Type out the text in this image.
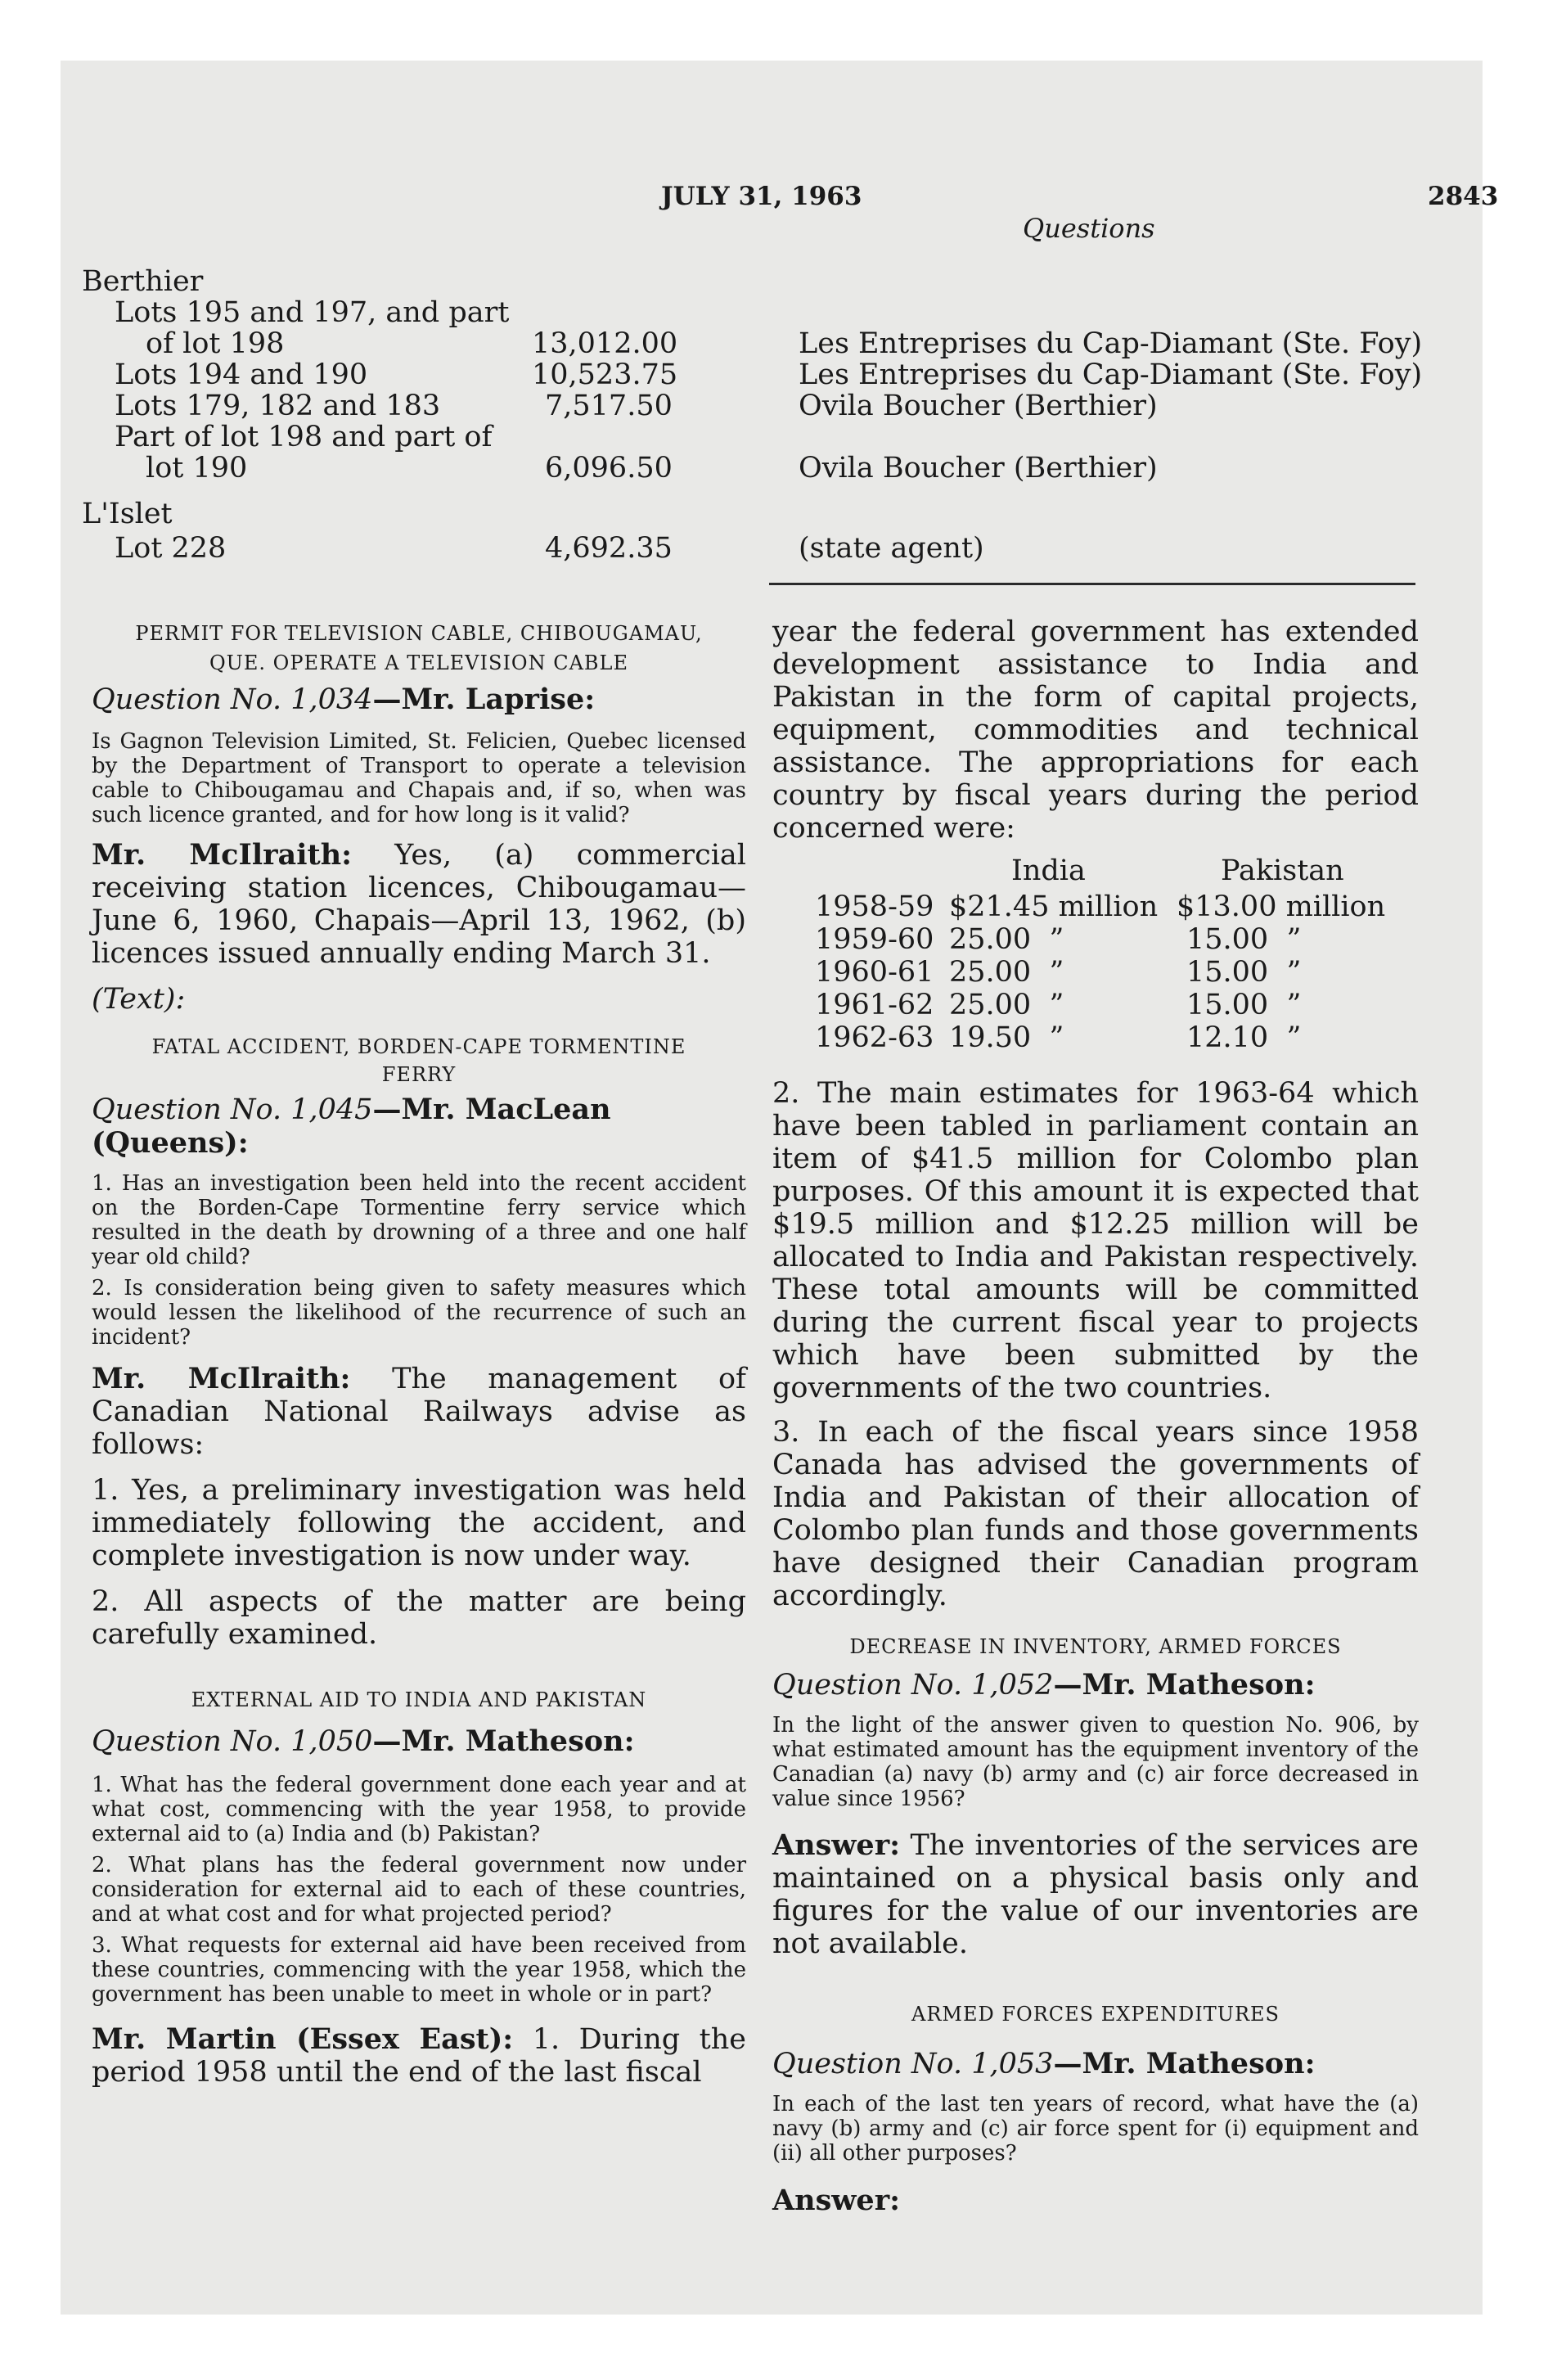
JULY 31, 1963
Questions
2843
Berthier
Lots 195 and 197, and part
of lot 198	13,012.00	Les Entreprises du Cap-Diamant (Ste. Foy)
Lots 194 and 190	10,523.75	Les Entreprises du Cap-Diamant (Ste. Foy)
Lots 179, 182 and 183	7,517.50	Ovila Boucher (Berthier)
Part of lot 198 and part of
lot 190	6,096.50	Ovila Boucher (Berthier)
L'Islet
Lot 228	4,692.35	(state agent)
PERMIT FOR TELEVISION CABLE, CHIBOUGAMAU,
QUE. OPERATE A TELEVISION CABLE
Question No. 1,034—Mr. Laprise:

Is Gagnon Television Limited, St. Felicien, Quebec licensed by the Department of Transport to operate a television cable to Chibougamau and Chapais and, if so, when was such licence granted, and for how long is it valid?

Mr. McIlraith: Yes, (a) commercial receiving station licences, Chibougamau—June 6, 1960, Chapais—April 13, 1962, (b) licences issued annually ending March 31.

(Text):
FATAL ACCIDENT, BORDEN-CAPE TORMENTINE
FERRY
Question No. 1,045—Mr. MacLean (Queens):

1. Has an investigation been held into the recent accident on the Borden-Cape Tormentine ferry service which resulted in the death by drowning of a three and one half year old child?

2. Is consideration being given to safety measures which would lessen the likelihood of the recurrence of such an incident?

Mr. McIlraith: The management of Canadian National Railways advise as follows:

1. Yes, a preliminary investigation was held immediately following the accident, and complete investigation is now under way.

2. All aspects of the matter are being carefully examined.

EXTERNAL AID TO INDIA AND PAKISTAN
Question No. 1,050—Mr. Matheson:

1. What has the federal government done each year and at what cost, commencing with the year 1958, to provide external aid to (a) India and (b) Pakistan?

2. What plans has the federal government now under consideration for external aid to each of these countries, and at what cost and for what projected period?

3. What requests for external aid have been received from these countries, commencing with the year 1958, which the government has been unable to meet in whole or in part?

Mr. Martin (Essex East): 1. During the period 1958 until the end of the last fiscal

year the federal government has extended development assistance to India and Pakistan in the form of capital projects, equipment, commodities and technical assistance. The appropriations for each country by fiscal years during the period concerned were:

India	Pakistan
1958-59 $21.45 million $13.00 million
1959-60 25.00  ”	15.00  ”
1960-61 25.00  ”	15.00  ”
1961-62 25.00  ”	15.00  ”
1962-63 19.50  ”	12.10  ”

2. The main estimates for 1963-64 which have been tabled in parliament contain an item of $41.5 million for Colombo plan purposes. Of this amount it is expected that $19.5 million and $12.25 million will be allocated to India and Pakistan respectively. These total amounts will be committed during the current fiscal year to projects which have been submitted by the governments of the two countries.

3. In each of the fiscal years since 1958 Canada has advised the governments of India and Pakistan of their allocation of Colombo plan funds and those governments have designed their Canadian program accordingly.

DECREASE IN INVENTORY, ARMED FORCES
Question No. 1,052—Mr. Matheson:

In the light of the answer given to question No. 906, by what estimated amount has the equipment inventory of the Canadian (a) navy (b) army and (c) air force decreased in value since 1956?

Answer: The inventories of the services are maintained on a physical basis only and figures for the value of our inventories are not available.

ARMED FORCES EXPENDITURES
Question No. 1,053—Mr. Matheson:

In each of the last ten years of record, what have the (a) navy (b) army and (c) air force spent for (i) equipment and (ii) all other purposes?

Answer:
